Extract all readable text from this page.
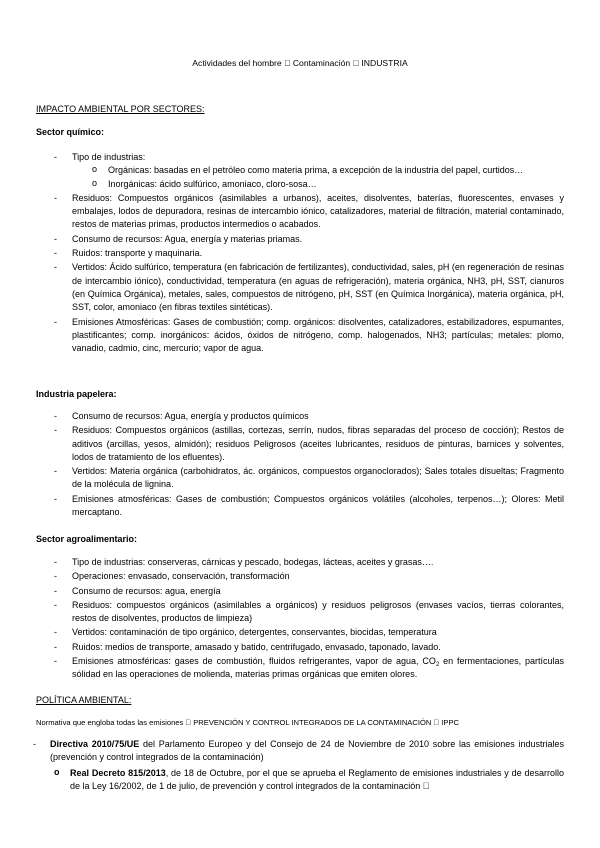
Actividades del hombre Contaminación INDUSTRIA
IMPACTO AMBIENTAL POR SECTORES:
Sector químico:
- Tipo de industrias:
o Orgánicas: basadas en el petróleo como materia prima, a excepción de la industria del papel, curtidos…
o Inorgánicas: ácido sulfúrico, amoniaco, cloro-sosa…
- Residuos: Compuestos orgánicos (asimilables a urbanos), aceites, disolventes, baterías, fluorescentes, envases y embalajes, lodos de depuradora, resinas de intercambio iónico, catalizadores, material de filtración, material contaminado, restos de materias primas, productos intermedios o acabados.
- Consumo de recursos: Agua, energía y materias priamas.
- Ruidos: transporte y maquinaria.
- Vertidos: Ácido sulfúrico, temperatura (en fabricación de fertilizantes), conductividad, sales, pH (en regeneración de resinas de intercambio iónico), conductividad, temperatura (en aguas de refrigeración), materia orgánica, NH3, pH, SST, cianuros (en Química Orgánica), metales, sales, compuestos de nitrógeno, pH, SST (en Química Inorgánica), materia orgánica, pH, SST, color, amoniaco (en fibras textiles sintéticas).
- Emisiones Atmosféricas: Gases de combustión; comp. orgánicos: disolventes, catalizadores, estabilizadores, espumantes, plastificantes; comp. inorgánicos: ácidos, óxidos de nitrógeno, comp. halogenados, NH3; partículas; metales: plomo, vanadio, cadmio, cinc, mercurio; vapor de agua.
Industria papelera:
- Consumo de recursos: Agua, energía y productos químicos
- Residuos: Compuestos orgánicos (astillas, cortezas, serrín, nudos, fibras separadas del proceso de cocción); Restos de aditivos (arcillas, yesos, almidón); residuos Peligrosos (aceites lubricantes, residuos de pinturas, barnices y solventes, lodos de tratamiento de los efluentes).
- Vertidos: Materia orgánica (carbohidratos, ác. orgánicos, compuestos organoclorados); Sales totales disueltas; Fragmento de la molécula de lignina.
- Emisiones atmosféricas: Gases de combustión; Compuestos orgánicos volátiles (alcoholes, terpenos…); Olores: Metil mercaptano.
Sector agroalimentario:
- Tipo de industrias: conserveras, cárnicas y pescado, bodegas, lácteas, aceites y grasas….
- Operaciones: envasado, conservación, transformación
- Consumo de recursos: agua, energía
- Residuos: compuestos orgánicos (asimilables a orgánicos) y residuos peligrosos (envases vacíos, tierras colorantes, restos de disolventes, productos de limpieza)
- Vertidos: contaminación de tipo orgánico, detergentes, conservantes, biocidas, temperatura
- Ruidos: medios de transporte, amasado y batido, centrifugado, envasado, taponado, lavado.
- Emisiones atmosféricas: gases de combustión, fluidos refrigerantes, vapor de agua, $CO_2$ en fermentaciones, partículas sólidad en las operaciones de molienda, materias primas orgánicas que emiten olores.
POLÍTICA AMBIENTAL:
Normativa que engloba todas las emisiones PREVENCIÓN Y CONTROL INTEGRADOS DE LA CONTAMINACIÓN IPPC
- Directiva 2010/75/UE del Parlamento Europeo y del Consejo de 24 de Noviembre de 2010 sobre las emisiones industriales (prevención y control integrados de la contaminación)
o Real Decreto 815/2013, de 18 de Octubre, por el que se aprueba el Reglamento de emisiones industriales y de desarrollo de la Ley 16/2002, de 1 de julio, de prevención y control integrados de la contaminación
